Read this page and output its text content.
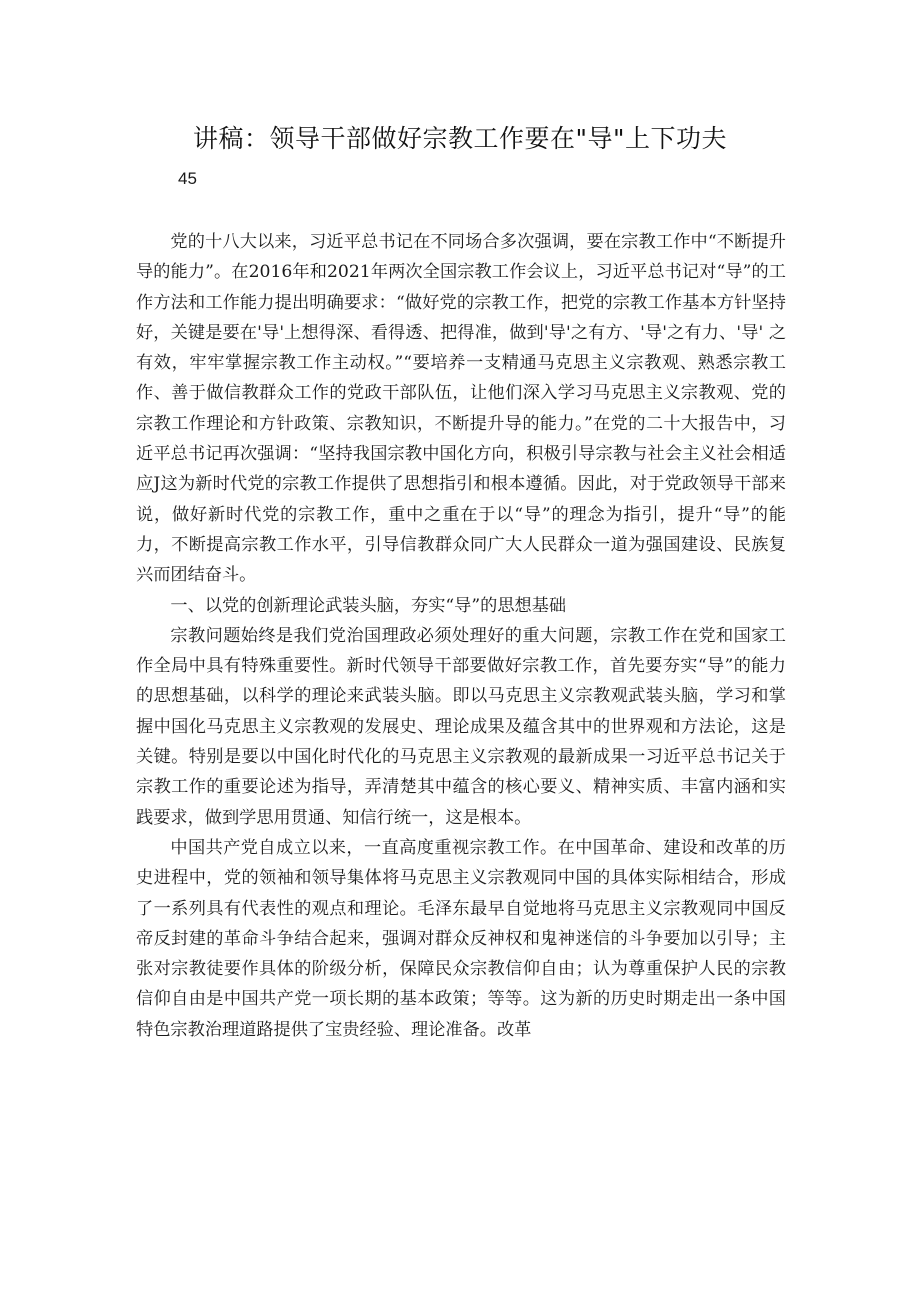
讲稿：领导干部做好宗教工作要在"导"上下功夫
45

党的十八大以来，习近平总书记在不同场合多次强调，要在宗教工作中“不断提升导的能力”。在2016年和2021年两次全国宗教工作会议上，习近平总书记对“导”的工作方法和工作能力提出明确要求：“做好党的宗教工作，把党的宗教工作基本方针坚持好，关键是要在'导'上想得深、看得透、把得准，做到'导'之有方、'导'之有力、'导' 之有效，牢牢掌握宗教工作主动权。”“要培养一支精通马克思主义宗教观、熟悉宗教工作、善于做信教群众工作的党政干部队伍，让他们深入学习马克思主义宗教观、党的宗教工作理论和方针政策、宗教知识，不断提升导的能力。”在党的二十大报告中，习近平总书记再次强调：“坚持我国宗教中国化方向，积极引导宗教与社会主义社会相适应J这为新时代党的宗教工作提供了思想指引和根本遵循。因此，对于党政领导干部来说，做好新时代党的宗教工作，重中之重在于以“导”的理念为指引，提升“导”的能力，不断提高宗教工作水平，引导信教群众同广大人民群众一道为强国建设、民族复兴而团结奋斗。

一、以党的创新理论武装头脑，夯实“导”的思想基础

宗教问题始终是我们党治国理政必须处理好的重大问题，宗教工作在党和国家工作全局中具有特殊重要性。新时代领导干部要做好宗教工作，首先要夯实“导”的能力的思想基础，以科学的理论来武装头脑。即以马克思主义宗教观武装头脑，学习和掌握中国化马克思主义宗教观的发展史、理论成果及蕴含其中的世界观和方法论，这是关键。特别是要以中国化时代化的马克思主义宗教观的最新成果一习近平总书记关于宗教工作的重要论述为指导，弄清楚其中蕴含的核心要义、精神实质、丰富内涵和实践要求，做到学思用贯通、知信行统一，这是根本。

中国共产党自成立以来，一直高度重视宗教工作。在中国革命、建设和改革的历史进程中，党的领袖和领导集体将马克思主义宗教观同中国的具体实际相结合，形成了一系列具有代表性的观点和理论。毛泽东最早自觉地将马克思主义宗教观同中国反帝反封建的革命斗争结合起来，强调对群众反神权和鬼神迷信的斗争要加以引导；主张对宗教徒要作具体的阶级分析，保障民众宗教信仰自由；认为尊重保护人民的宗教信仰自由是中国共产党一项长期的基本政策；等等。这为新的历史时期走出一条中国特色宗教治理道路提供了宝贵经验、理论准备。改革
